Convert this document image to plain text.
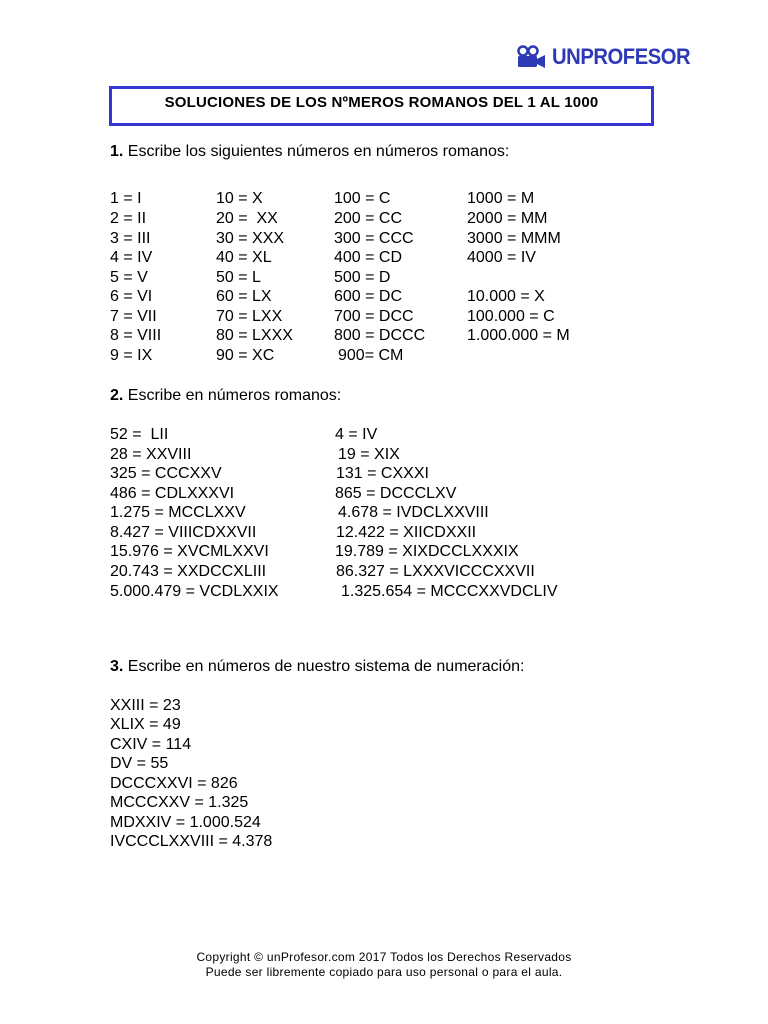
UNPROFESOR
SOLUCIONES DE LOS NºMEROS ROMANOS DEL 1 AL 1000
1. Escribe los siguientes números en números romanos:
1 = I
2 = II
3 = III
4 = IV
5 = V
6 = VI
7 = VII
8 = VIII
9 = IX
10 = X
20 =  XX
30 = XXX
40 = XL
50 = L
60 = LX
70 = LXX
80 = LXXX
90 = XC
100 = C
200 = CC
300 = CCC
400 = CD
500 = D
600 = DC
700 = DCC
800 = DCCC
900= CM
1000 = M
2000 = MM
3000 = MMM
4000 = IV
10.000 = X
100.000 = C
1.000.000 = M
2. Escribe en números romanos:
52 =  LII
28 = XXVIII
325 = CCCXXV
486 = CDLXXXVI
1.275 = MCCLXXV
8.427 = VIIICDXXVII
15.976 = XVCMLXXVI
20.743 = XXDCCXLIII
5.000.479 = VCDLXXIX
4 = IV
19 = XIX
131 = CXXXI
865 = DCCCLXV
4.678 = IVDCLXXVIII
12.422 = XIICDXXII
19.789 = XIXDCCLXXXIX
86.327 = LXXXVICCCXXVII
1.325.654 = MCCCXXVDCLIV
3. Escribe en números de nuestro sistema de numeración:
XXIII = 23
XLIX = 49
CXIV = 114
DV = 55
DCCCXXVI = 826
MCCCXXV = 1.325
MDXXIV = 1.000.524
IVCCCLXXVIII = 4.378
Copyright © unProfesor.com 2017 Todos los Derechos Reservados
Puede ser libremente copiado para uso personal o para el aula.
